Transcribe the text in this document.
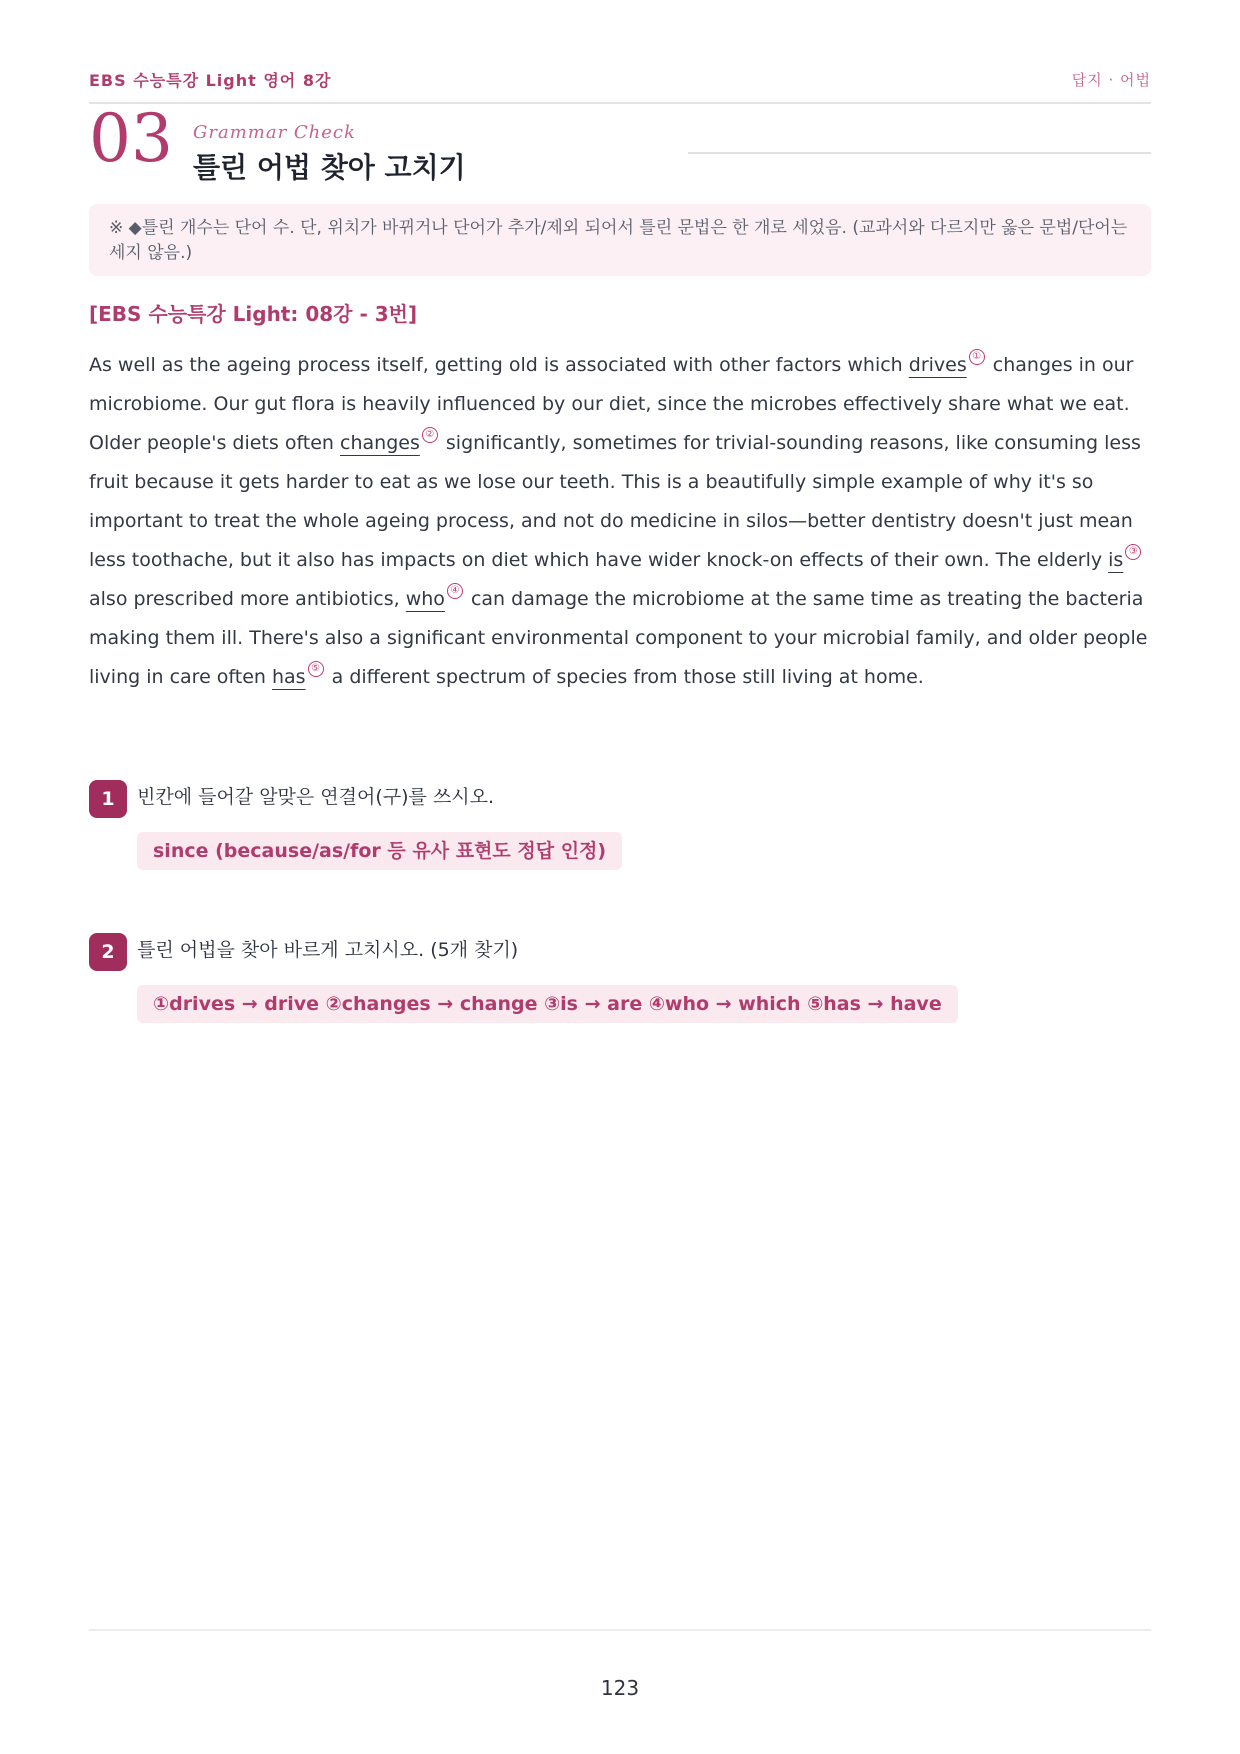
EBS 수능특강 Light 영어 8강	답지 · 어법
03 Grammar Check
틀린 어법 찾아 고치기
※ ◆틀린 개수는 단어 수. 단, 위치가 바뀌거나 단어가 추가/제외 되어서 틀린 문법은 한 개로 세었음. (교과서와 다르지만 옳은 문법/단어는 세지 않음.)
[EBS 수능특강 Light: 08강 - 3번]

As well as the ageing process itself, getting old is associated with other factors which drives ① changes in our microbiome. Our gut flora is heavily influenced by our diet, since the microbes effectively share what we eat. Older people's diets often changes ② significantly, sometimes for trivial-sounding reasons, like consuming less fruit because it gets harder to eat as we lose our teeth. This is a beautifully simple example of why it's so important to treat the whole ageing process, and not do medicine in silos—better dentistry doesn't just mean less toothache, but it also has impacts on diet which have wider knock-on effects of their own. The elderly is ③ also prescribed more antibiotics, who ④ can damage the microbiome at the same time as treating the bacteria making them ill. There's also a significant environmental component to your microbial family, and older people living in care often has ⑤ a different spectrum of species from those still living at home.

1	빈칸에 들어갈 알맞은 연결어(구)를 쓰시오.
since (because/as/for 등 유사 표현도 정답 인정)
2	틀린 어법을 찾아 바르게 고치시오. (5개 찾기)
①drives → drive ②changes → change ③is → are ④who → which ⑤has → have
123
